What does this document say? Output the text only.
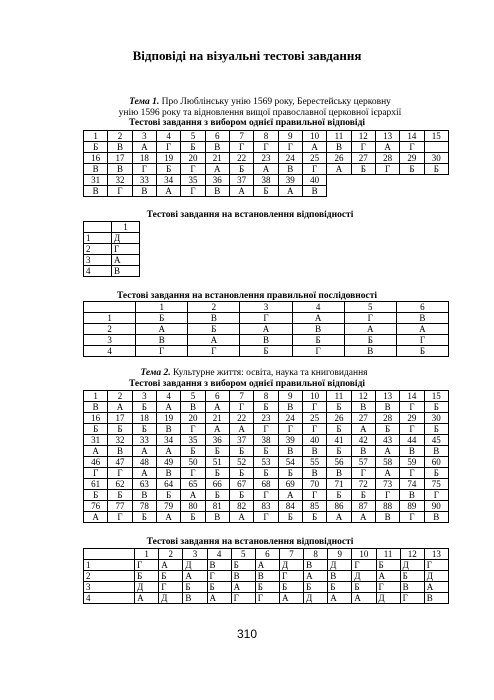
Відповіді на візуальні тестові завдання
Тема 1. Про Люблінську унію 1569 року, Берестейську церковну
унію 1596 року та відновлення вищої православної церковної ієрархії
Тестові завдання з вибором однієї правильної відповіді
1	2	3	4	5	6	7	8	9	10	11	12	13	14	15
Б	В	А	Г	Б	В	Г	Г	Г	А	В	Г	А	Г	
16	17	18	19	20	21	22	23	24	25	26	27	28	29	30
В	В	Г	Б	Г	А	Б	А	В	Г	А	Б	Г	Б	Б
31	32	33	34	35	36	37	38	39	40					
В	Г	В	А	Г	В	А	Б	А	В					
Тестові завдання на встановлення відповідності
	1
1	Д
2	Г
3	А
4	В
Тестові завдання на встановлення правильної послідовності
	1	2	3	4	5	6
1	Б	В	Г	А	Г	В
2	А	Б	А	В	А	А
3	В	А	В	Б	Б	Г
4	Г	Г	Б	Г	В	Б
Тема 2. Культурне життя: освіта, наука та книговидання
Тестові завдання з вибором однієї правильної відповіді
1	2	3	4	5	6	7	8	9	10	11	12	13	14	15
В	А	Б	А	В	А	Г	Б	В	Г	Б	В	В	Г	Б
16	17	18	19	20	21	22	23	24	25	26	27	28	29	30
Б	Б	Б	В	Г	А	А	Г	Г	Г	Б	А	Б	Г	Б
31	32	33	34	35	36	37	38	39	40	41	42	43	44	45
А	В	А	А	Б	Б	Б	Б	В	В	Б	В	А	В	В
46	47	48	49	50	51	52	53	54	55	56	57	58	59	60
Г	Г	А	В	Г	Б	Б	Б	Б	В	В	Г	А	Г	Б
61	62	63	64	65	66	67	68	69	70	71	72	73	74	75
Б	Б	В	Б	А	Б	Б	Г	А	Г	Б	Б	Г	В	Г
76	77	78	79	80	81	82	83	84	85	86	87	88	89	90
А	Г	Б	А	Б	В	А	Г	Б	Б	А	А	В	Г	В
Тестові завдання на встановлення відповідності
	1	2	3	4	5	6	7	8	9	10	11	12	13
1	Г	А	Д	В	Б	А	Д	В	Д	Г	Б	Д	Г
2	Б	Б	А	Г	В	В	Г	А	В	Д	А	Б	Д
3	Д	Г	Б	Б	А	Б	Б	Б	Б	Б	Г	В	А
4	А	Д	В	А	Г	Г	А	Д	А	А	Д	Г	В
310
